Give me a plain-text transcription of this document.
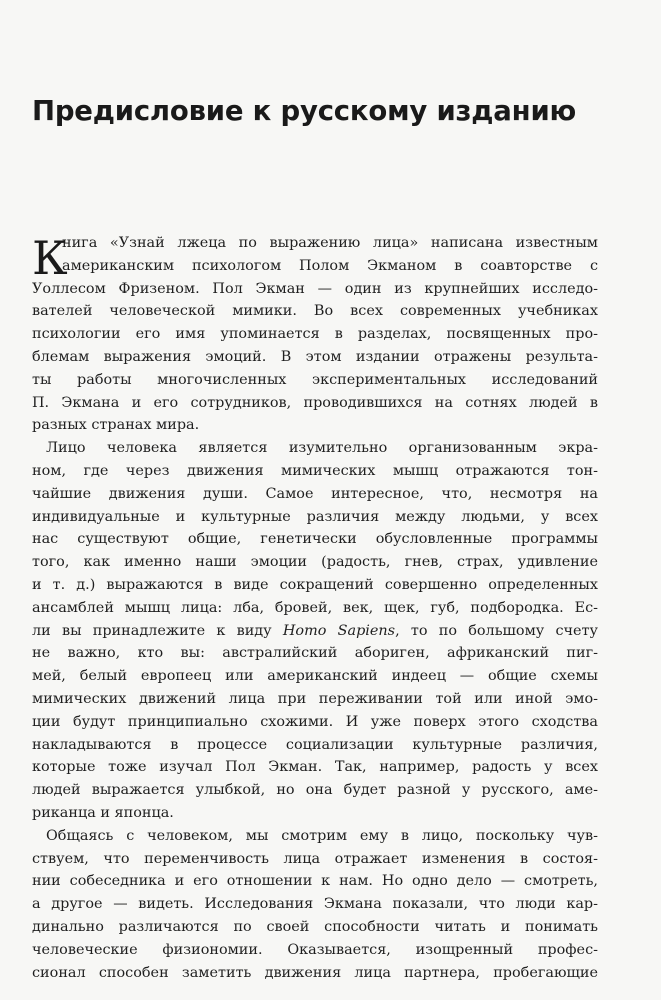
Предисловие к русскому изданию

К
нига «Узнай лжеца по выражению лица» написана известным
американским психологом Полом Экманом в соавторстве с
Уоллесом Фризеном. Пол Экман — один из крупнейших исследо-
вателей человеческой мимики. Во всех современных учебниках
психологии его имя упоминается в разделах, посвященных про-
блемам выражения эмоций. В этом издании отражены результа-
ты работы многочисленных экспериментальных исследований
П. Экмана и его сотрудников, проводившихся на сотнях людей в
разных странах мира.

Лицо человека является изумительно организованным экра-
ном, где через движения мимических мышц отражаются тон-
чайшие движения души. Самое интересное, что, несмотря на
индивидуальные и культурные различия между людьми, у всех
нас существуют общие, генетически обусловленные программы
того, как именно наши эмоции (радость, гнев, страх, удивление
и т. д.) выражаются в виде сокращений совершенно определенных
ансамблей мышц лица: лба, бровей, век, щек, губ, подбородка. Ес-
ли вы принадлежите к виду Homo Sapiens, то по большому счету
не важно, кто вы: австралийский абориген, африканский пиг-
мей, белый европеец или американский индеец — общие схемы
мимических движений лица при переживании той или иной эмо-
ции будут принципиально схожими. И уже поверх этого сходства
накладываются в процессе социализации культурные различия,
которые тоже изучал Пол Экман. Так, например, радость у всех
людей выражается улыбкой, но она будет разной у русского, аме-
риканца и японца.

Общаясь с человеком, мы смотрим ему в лицо, поскольку чув-
ствуем, что переменчивость лица отражает изменения в состоя-
нии собеседника и его отношении к нам. Но одно дело — смотреть,
а другое — видеть. Исследования Экмана показали, что люди кар-
динально различаются по своей способности читать и понимать
человеческие физиономии. Оказывается, изощренный профес-
сионал способен заметить движения лица партнера, пробегающие
